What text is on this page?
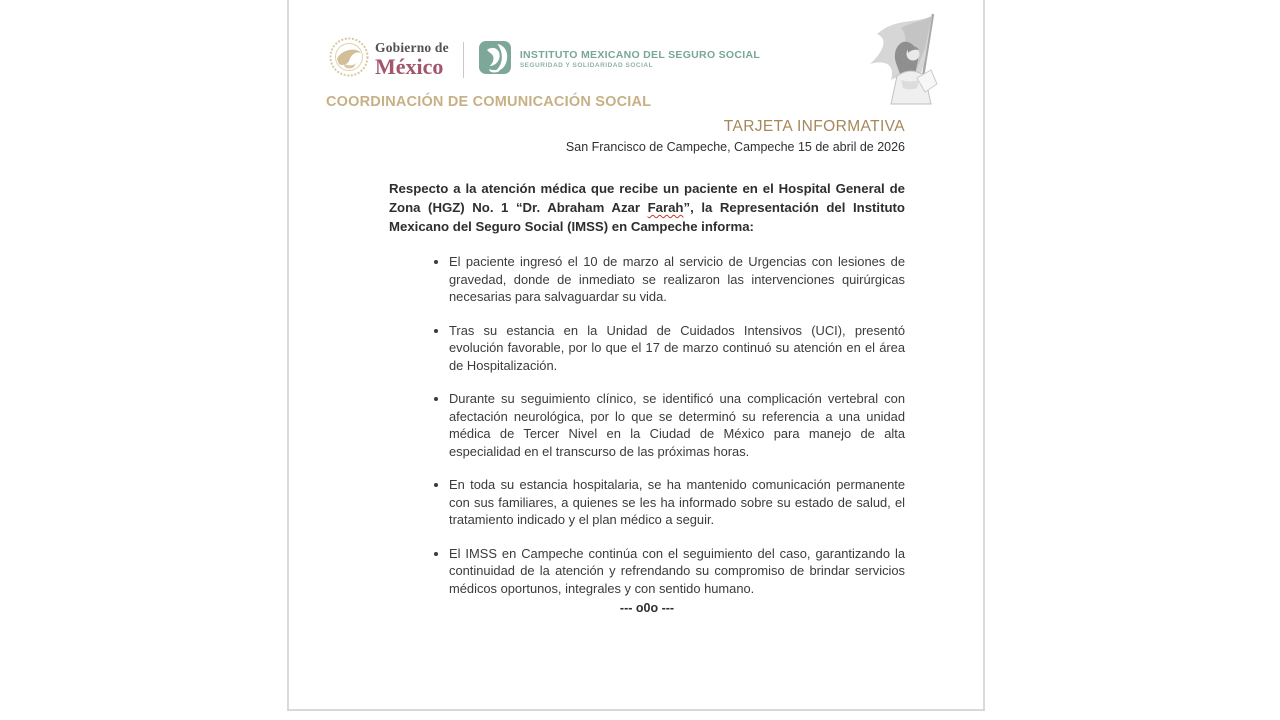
Gobierno de
México	INSTITUTO MEXICANO DEL SEGURO SOCIAL
SEGURIDAD Y SOLIDARIDAD SOCIAL
COORDINACIÓN DE COMUNICACIÓN SOCIAL
TARJETA INFORMATIVA
San Francisco de Campeche, Campeche 15 de abril de 2026

Respecto a la atención médica que recibe un paciente en el Hospital General de Zona (HGZ) No. 1 “Dr. Abraham Azar Farah”, la Representación del Instituto Mexicano del Seguro Social (IMSS) en Campeche informa:

• El paciente ingresó el 10 de marzo al servicio de Urgencias con lesiones de gravedad, donde de inmediato se realizaron las intervenciones quirúrgicas necesarias para salvaguardar su vida.
• Tras su estancia en la Unidad de Cuidados Intensivos (UCI), presentó evolución favorable, por lo que el 17 de marzo continuó su atención en el área de Hospitalización.
• Durante su seguimiento clínico, se identificó una complicación vertebral con afectación neurológica, por lo que se determinó su referencia a una unidad médica de Tercer Nivel en la Ciudad de México para manejo de alta especialidad en el transcurso de las próximas horas.
• En toda su estancia hospitalaria, se ha mantenido comunicación permanente con sus familiares, a quienes se les ha informado sobre su estado de salud, el tratamiento indicado y el plan médico a seguir.
• El IMSS en Campeche continúa con el seguimiento del caso, garantizando la continuidad de la atención y refrendando su compromiso de brindar servicios médicos oportunos, integrales y con sentido humano.
--- o0o ---
